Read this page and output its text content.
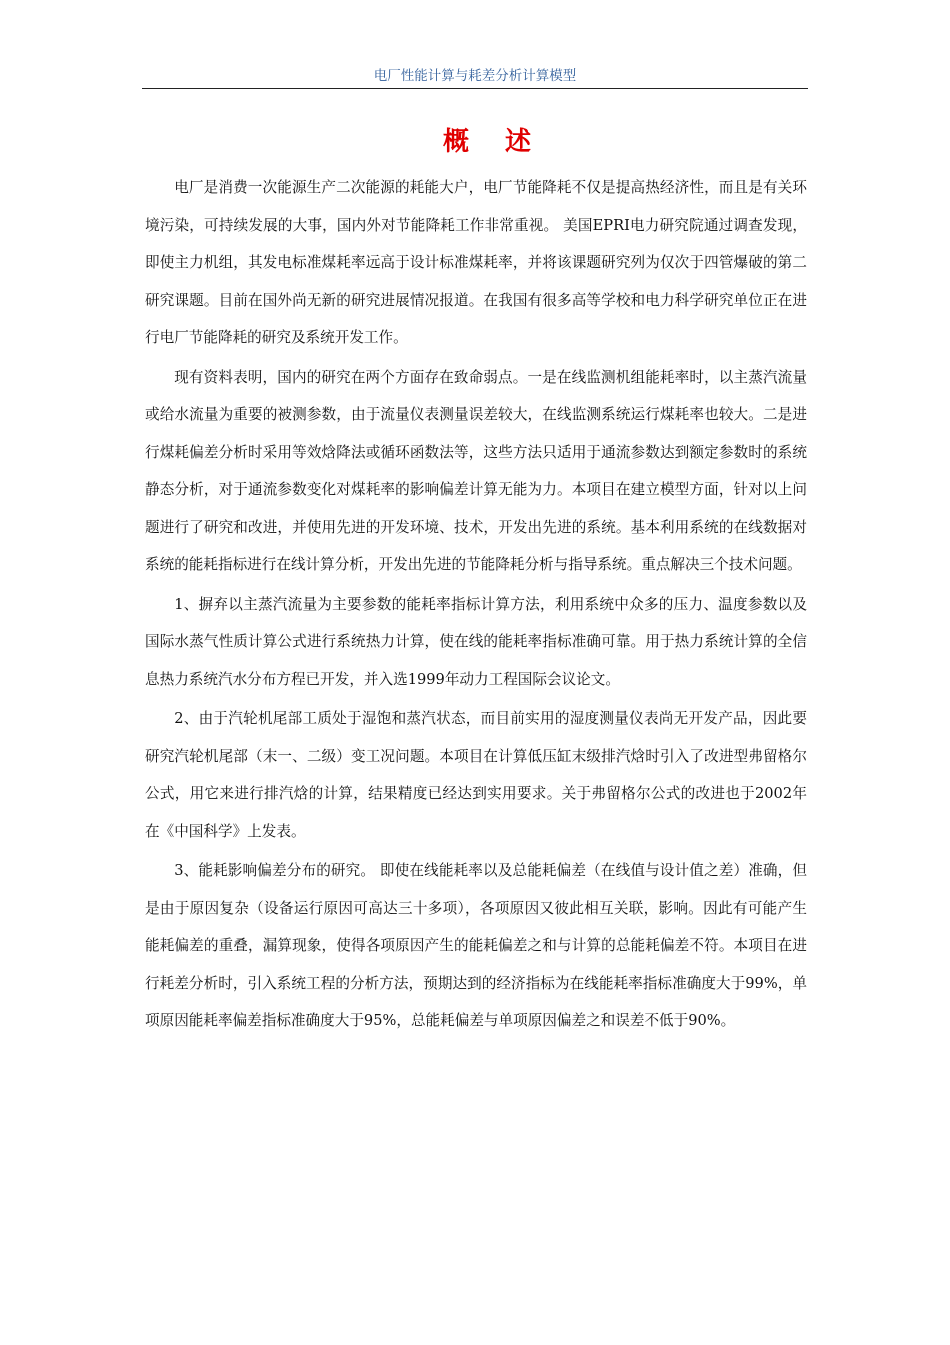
电厂性能计算与耗差分析计算模型
概述

电厂是消费一次能源生产二次能源的耗能大户，电厂节能降耗不仅是提高热经济性，而且是有关环境污染，可持续发展的大事，国内外对节能降耗工作非常重视。 美国EPRI电力研究院通过调查发现，即使主力机组，其发电标准煤耗率远高于设计标准煤耗率，并将该课题研究列为仅次于四管爆破的第二研究课题。目前在国外尚无新的研究进展情况报道。在我国有很多高等学校和电力科学研究单位正在进行电厂节能降耗的研究及系统开发工作。

现有资料表明，国内的研究在两个方面存在致命弱点。一是在线监测机组能耗率时，以主蒸汽流量或给水流量为重要的被测参数，由于流量仪表测量误差较大，在线监测系统运行煤耗率也较大。二是进行煤耗偏差分析时采用等效焓降法或循环函数法等，这些方法只适用于通流参数达到额定参数时的系统静态分析，对于通流参数变化对煤耗率的影响偏差计算无能为力。本项目在建立模型方面，针对以上问题进行了研究和改进，并使用先进的开发环境、技术，开发出先进的系统。基本利用系统的在线数据对系统的能耗指标进行在线计算分析，开发出先进的节能降耗分析与指导系统。重点解决三个技术问题。

1、摒弃以主蒸汽流量为主要参数的能耗率指标计算方法，利用系统中众多的压力、温度参数以及国际水蒸气性质计算公式进行系统热力计算，使在线的能耗率指标准确可靠。用于热力系统计算的全信息热力系统汽水分布方程已开发，并入选1999年动力工程国际会议论文。

2、由于汽轮机尾部工质处于湿饱和蒸汽状态，而目前实用的湿度测量仪表尚无开发产品，因此要研究汽轮机尾部（末一、二级）变工况问题。本项目在计算低压缸末级排汽焓时引入了改进型弗留格尔公式，用它来进行排汽焓的计算，结果精度已经达到实用要求。关于弗留格尔公式的改进也于2002年在《中国科学》上发表。

3、能耗影响偏差分布的研究。 即使在线能耗率以及总能耗偏差（在线值与设计值之差）准确，但是由于原因复杂（设备运行原因可高达三十多项），各项原因又彼此相互关联，影响。因此有可能产生能耗偏差的重叠，漏算现象，使得各项原因产生的能耗偏差之和与计算的总能耗偏差不符。本项目在进行耗差分析时，引入系统工程的分析方法，预期达到的经济指标为在线能耗率指标准确度大于99%，单项原因能耗率偏差指标准确度大于95%，总能耗偏差与单项原因偏差之和误差不低于90%。
